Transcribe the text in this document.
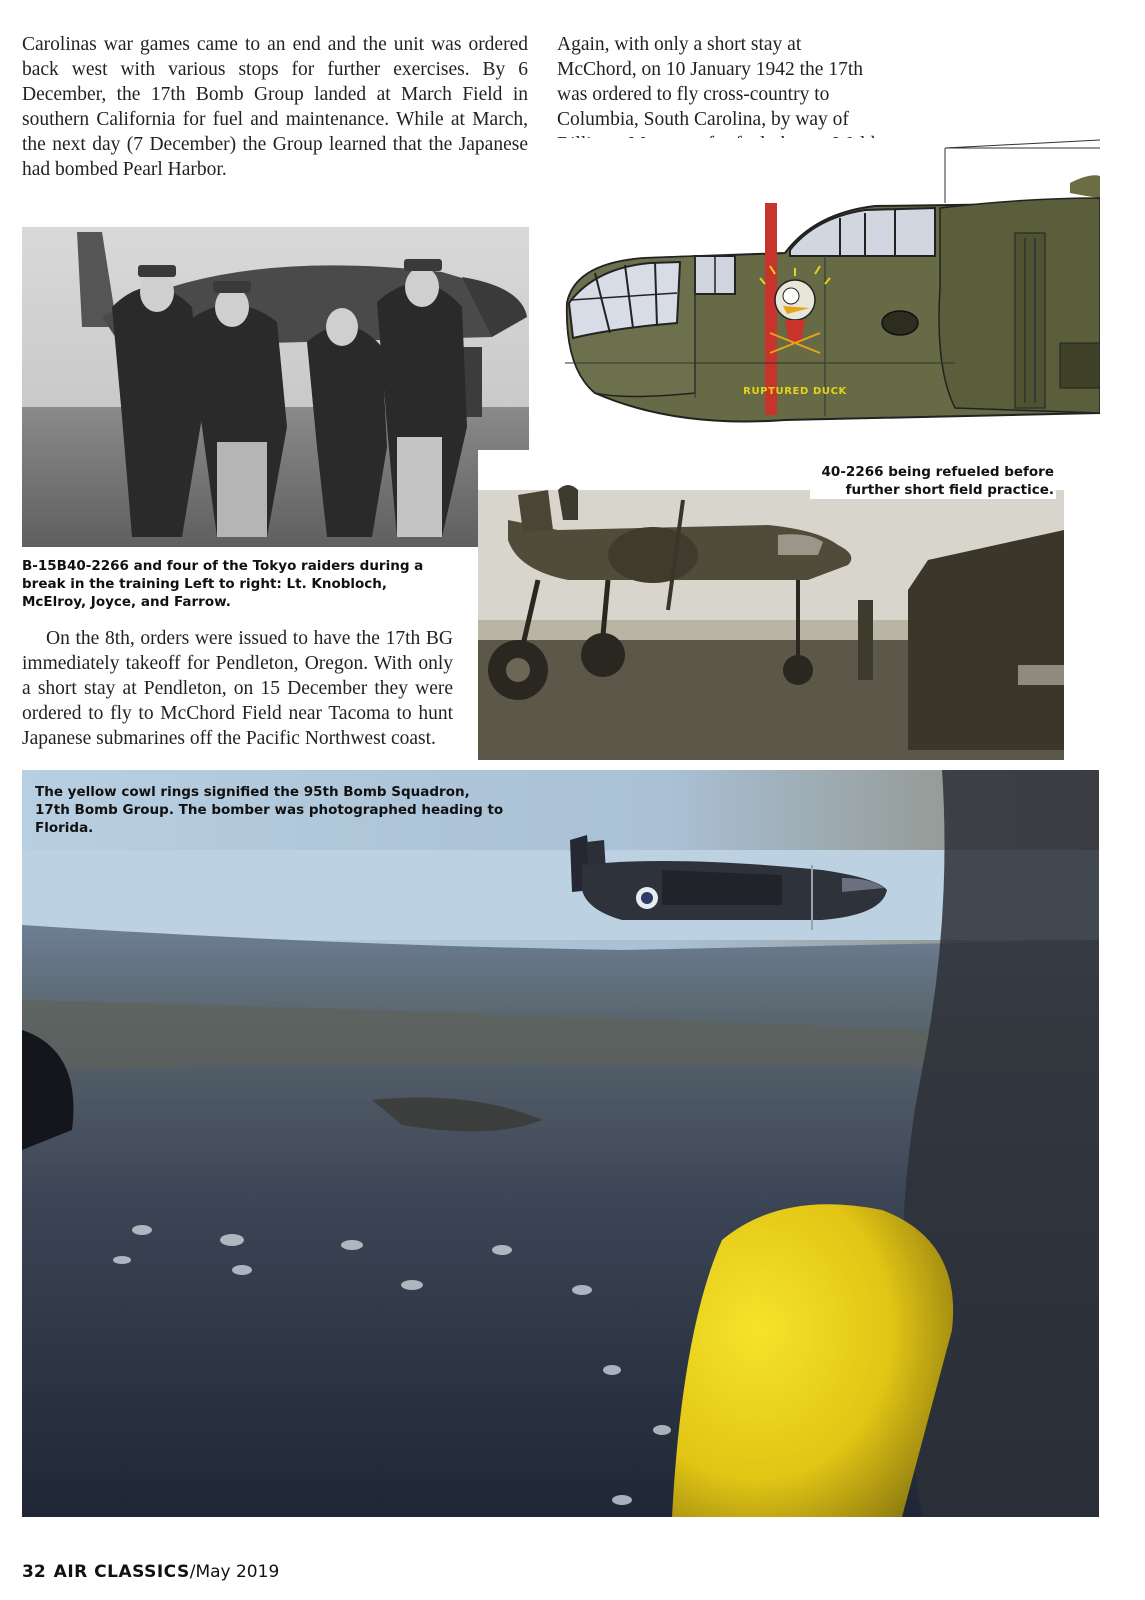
Carolinas war games came to an end and the unit was ordered back west with various stops for further exercises. By 6 December, the 17th Bomb Group landed at March Field in southern California for fuel and maintenance. While at March, the next day (7 December) the Group learned that the Japanese had bombed Pearl Harbor.

Again, with only a short stay at McChord, on 10 January 1942 the 17th was ordered to fly cross-country to Columbia, South Carolina, by way of
RUPTURED DUCK

B-15B40-2266 and four of the Tokyo raiders during a break in the training Left to right: Lt. Knobloch, McElroy, Joyce, and Farrow.

On the 8th, orders were issued to have the 17th BG immediately takeoff for Pendleton, Oregon. With only a short stay at Pendleton, on 15 December they were ordered to fly to McChord Field near Tacoma to hunt Japanese submarines off the Pacific Northwest coast.

40-2266 being refueled before further short field practice.

The yellow cowl rings signified the 95th Bomb Squadron, 17th Bomb Group. The bomber was photographed heading to Florida.

32 AIR CLASSICS/May 2019
